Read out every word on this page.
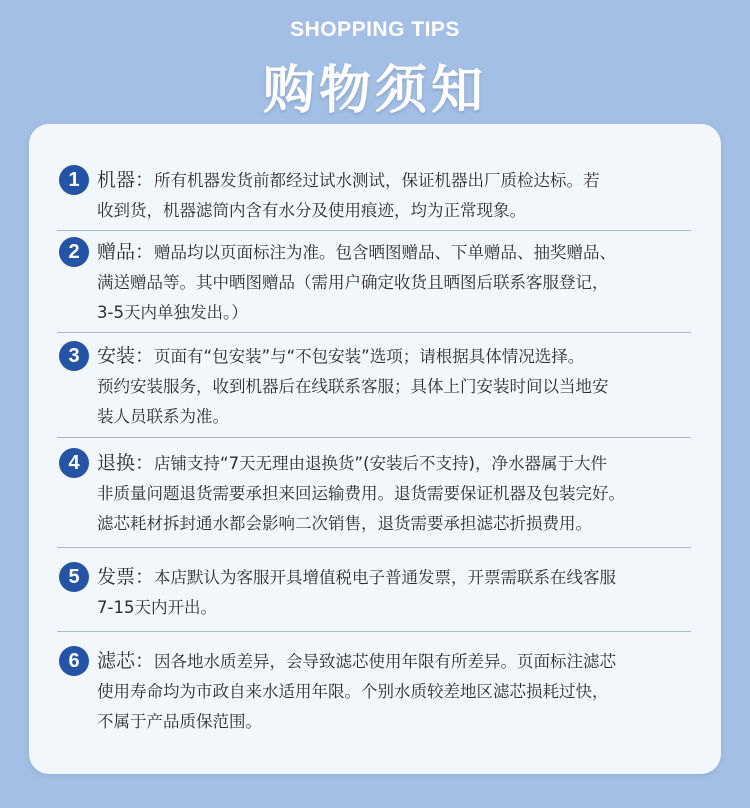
SHOPPING TIPS
购物须知
1 机器：所有机器发货前都经过试水测试，保证机器出厂质检达标。若
收到货，机器滤筒内含有水分及使用痕迹，均为正常现象。
2 赠品：赠品均以页面标注为准。包含晒图赠品、下单赠品、抽奖赠品、
满送赠品等。其中晒图赠品（需用户确定收货且晒图后联系客服登记，
3-5天内单独发出。）
3 安装：页面有“包安装”与“不包安装”选项；请根据具体情况选择。
预约安装服务，收到机器后在线联系客服；具体上门安装时间以当地安
装人员联系为准。
4 退换：店铺支持“7天无理由退换货”(安装后不支持)，净水器属于大件
非质量问题退货需要承担来回运输费用。退货需要保证机器及包装完好。
滤芯耗材拆封通水都会影响二次销售，退货需要承担滤芯折损费用。
5 发票：本店默认为客服开具增值税电子普通发票，开票需联系在线客服
7-15天内开出。
6 滤芯：因各地水质差异，会导致滤芯使用年限有所差异。页面标注滤芯
使用寿命均为市政自来水适用年限。个别水质较差地区滤芯损耗过快，
不属于产品质保范围。
